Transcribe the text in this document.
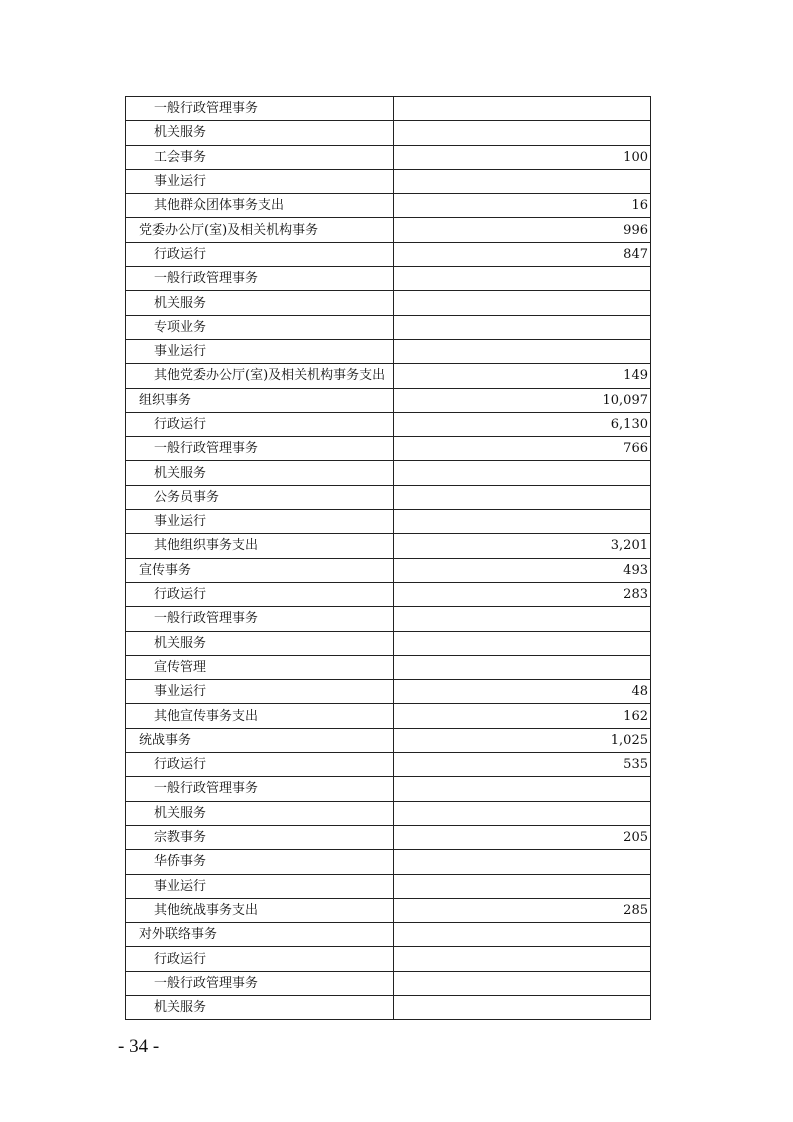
一般行政管理事务	
机关服务	
工会事务	100
事业运行	
其他群众团体事务支出	16
党委办公厅(室)及相关机构事务	996
行政运行	847
一般行政管理事务	
机关服务	
专项业务	
事业运行	
其他党委办公厅(室)及相关机构事务支出	149
组织事务	10,097
行政运行	6,130
一般行政管理事务	766
机关服务	
公务员事务	
事业运行	
其他组织事务支出	3,201
宣传事务	493
行政运行	283
一般行政管理事务	
机关服务	
宣传管理	
事业运行	48
其他宣传事务支出	162
统战事务	1,025
行政运行	535
一般行政管理事务	
机关服务	
宗教事务	205
华侨事务	
事业运行	
其他统战事务支出	285
对外联络事务	
行政运行	
一般行政管理事务	
机关服务	
- 34 -
